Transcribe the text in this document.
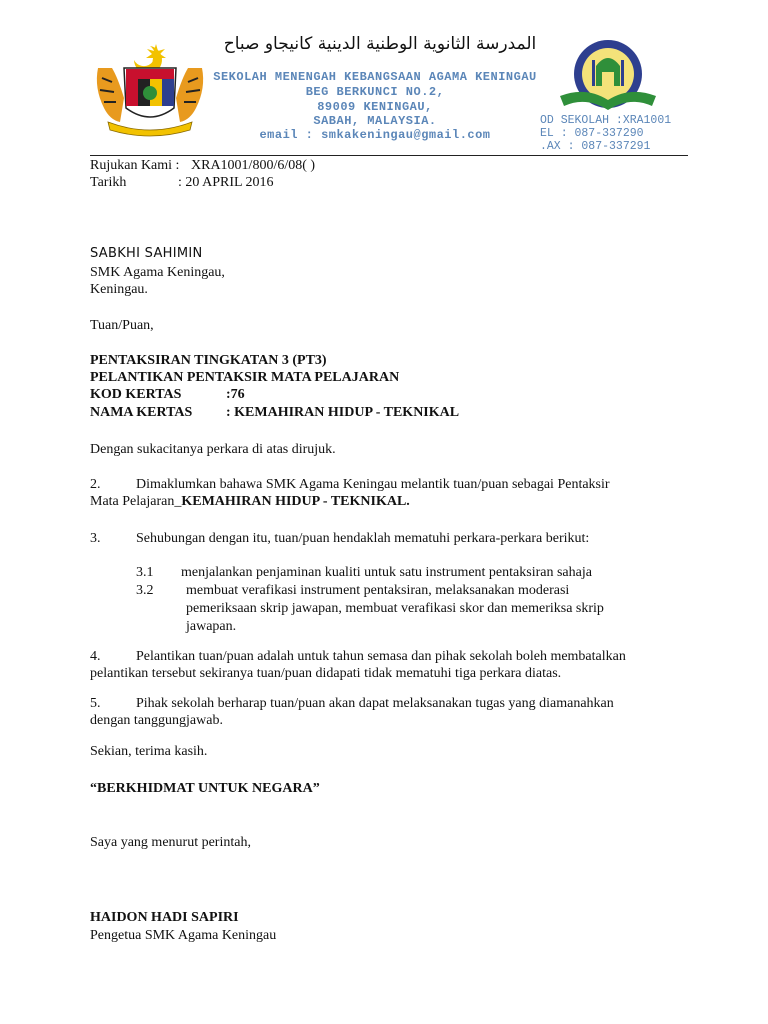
المدرسة الثانوية الوطنية الدينية كانيجاو صباح
SEKOLAH MENENGAH KEBANGSAAN AGAMA KENINGAU
BEG BERKUNCI NO.2,
89009 KENINGAU,
SABAH, MALAYSIA.
email : smkakeningau@gmail.com
OD SEKOLAH :XRA1001
EL : 087-337290
.AX : 087-337291
Rujukan Kami : XRA1001/800/6/08( )
Tarikh	: 20 APRIL 2016
SABKHI SAHIMIN
SMK Agama Keningau,
Keningau.
Tuan/Puan,
PENTAKSIRAN TINGKATAN 3 (PT3)
PELANTIKAN PENTAKSIR MATA PELAJARAN
KOD KERTAS	:76
NAMA KERTAS : KEMAHIRAN HIDUP - TEKNIKAL
Dengan sukacitanya perkara di atas dirujuk.
2.	Dimaklumkan bahawa SMK Agama Keningau melantik tuan/puan sebagai Pentaksir
Mata Pelajaran_KEMAHIRAN HIDUP - TEKNIKAL.
3.	Sehubungan dengan itu, tuan/puan hendaklah mematuhi perkara-perkara berikut:
3.1 menjalankan penjaminan kualiti untuk satu instrument pentaksiran sahaja
3.2 membuat verafikasi instrument pentaksiran, melaksanakan moderasi
pemeriksaan skrip jawapan, membuat verafikasi skor dan memeriksa skrip
jawapan.
4.	Pelantikan tuan/puan adalah untuk tahun semasa dan pihak sekolah boleh membatalkan
pelantikan tersebut sekiranya tuan/puan didapati tidak mematuhi tiga perkara diatas.
5.	Pihak sekolah berharap tuan/puan akan dapat melaksanakan tugas yang diamanahkan
dengan tanggungjawab.
Sekian, terima kasih.
“BERKHIDMAT UNTUK NEGARA”
Saya yang menurut perintah,
HAIDON HADI SAPIRI
Pengetua SMK Agama Keningau
